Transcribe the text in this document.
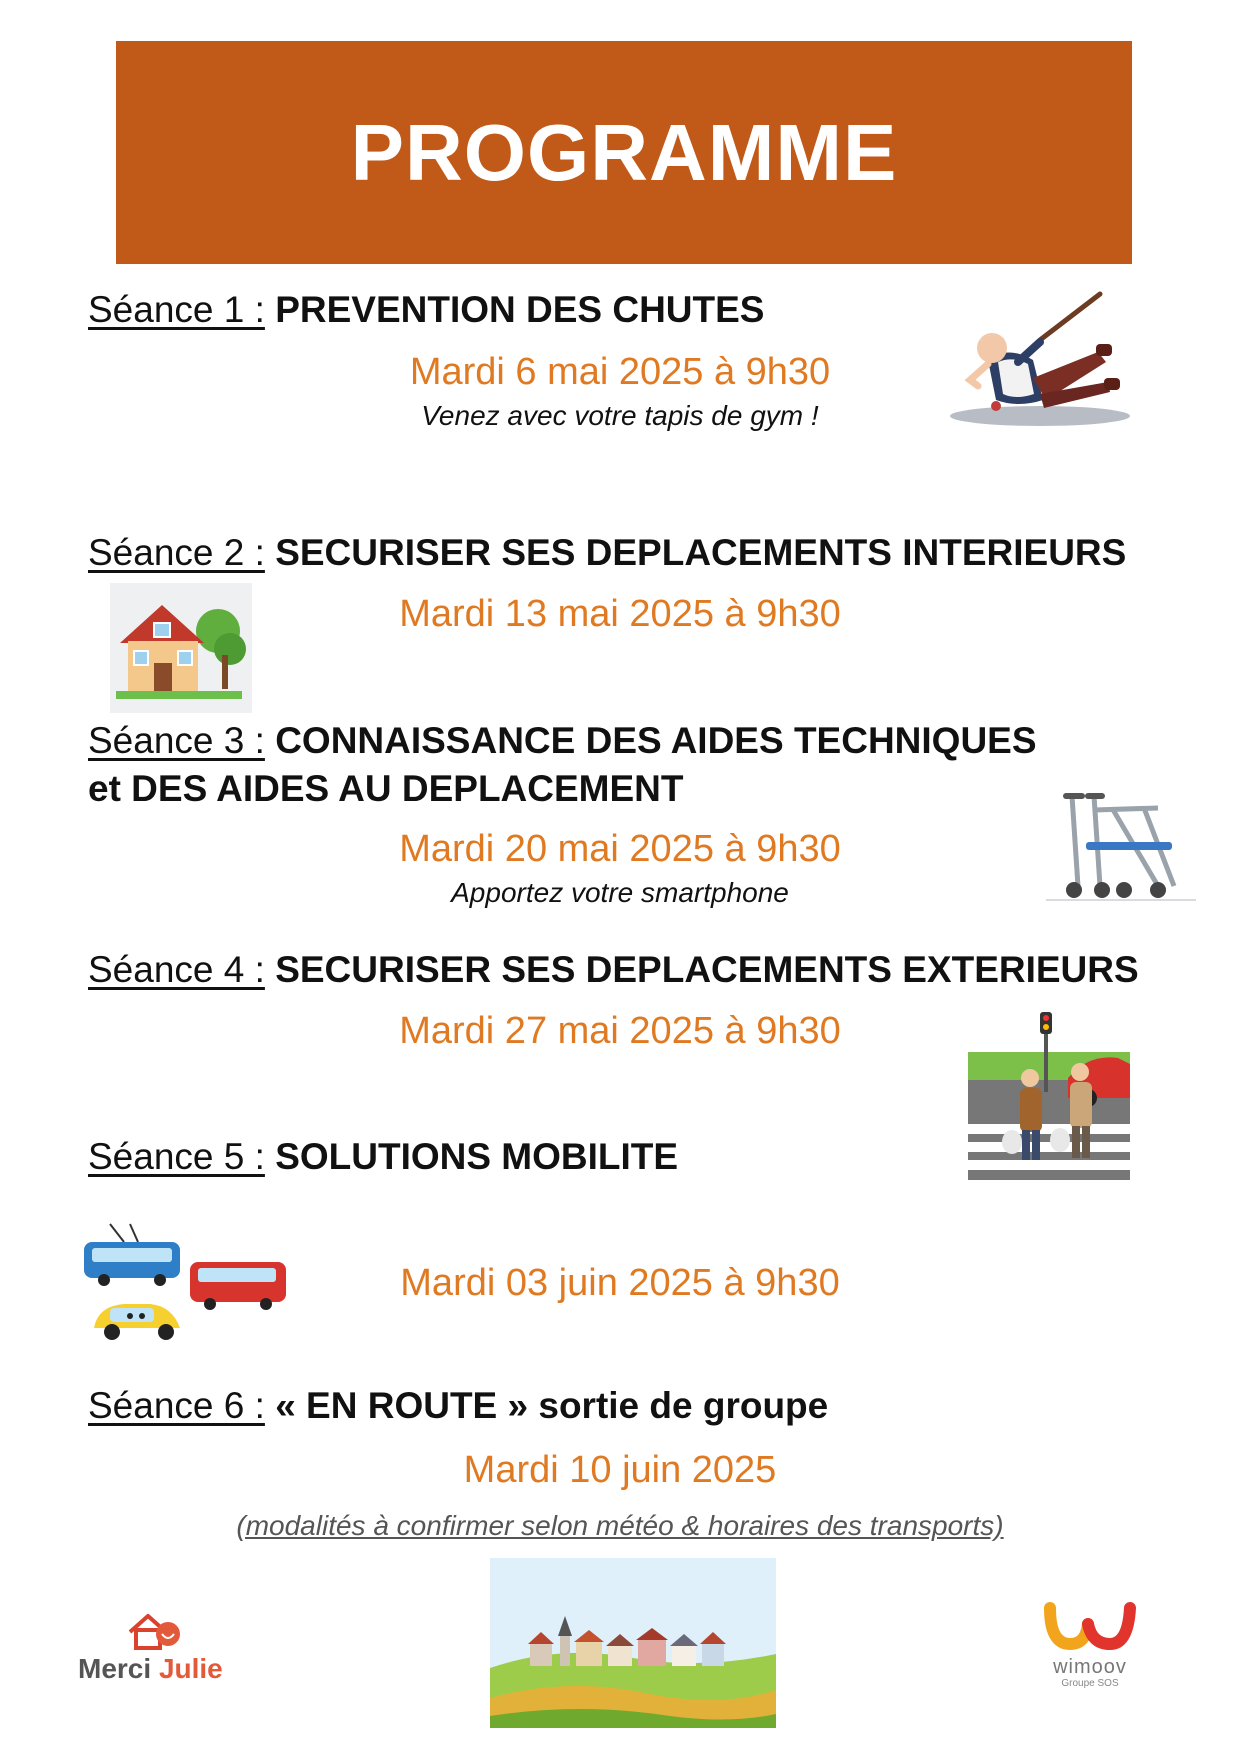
PROGRAMME
Séance 1 : PREVENTION DES CHUTES
Mardi 6 mai 2025 à 9h30
Venez avec votre tapis de gym !
Séance 2 : SECURISER SES DEPLACEMENTS INTERIEURS
Mardi 13 mai 2025 à 9h30
Séance 3 : CONNAISSANCE DES AIDES TECHNIQUES
et DES AIDES AU DEPLACEMENT
Mardi 20 mai 2025 à 9h30
Apportez votre smartphone
Séance 4 : SECURISER SES DEPLACEMENTS EXTERIEURS
Mardi 27 mai 2025 à 9h30
Séance 5 : SOLUTIONS MOBILITE
Mardi 03 juin 2025 à 9h30
Séance 6 : « EN ROUTE » sortie de groupe
Mardi 10 juin 2025
(modalités à confirmer selon météo & horaires des transports)
Merci Julie	wimoov
Groupe SOS
